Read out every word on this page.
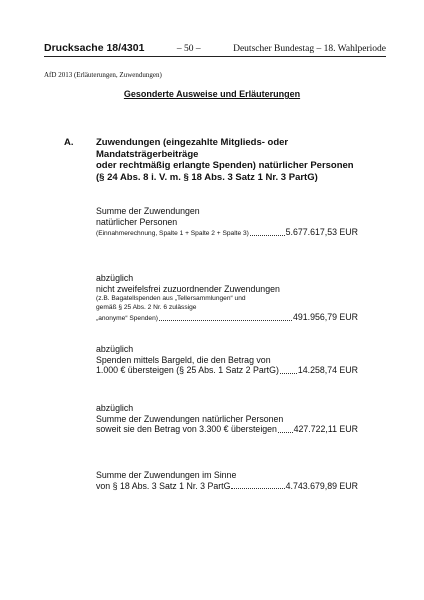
Drucksache 18/4301	– 50 –	Deutscher Bundestag – 18. Wahlperiode
AfD 2013 (Erläuterungen, Zuwendungen)
Gesonderte Ausweise und Erläuterungen
A. Zuwendungen (eingezahlte Mitglieds- oder Mandatsträgerbeiträge
oder rechtmäßig erlangte Spenden) natürlicher Personen
(§ 24 Abs. 8 i. V. m. § 18 Abs. 3 Satz 1 Nr. 3 PartG)
Summe der Zuwendungen
natürlicher Personen
(Einnahmerechnung, Spalte 1 + Spalte 2 + Spalte 3)	5.677.617,53 EUR
abzüglich
nicht zweifelsfrei zuzuordnender Zuwendungen
(z.B. Bagatellspenden aus „Tellersammlungen“ und
gemäß § 25 Abs. 2 Nr. 6 zulässige
„anonyme“ Spenden)	491.956,79 EUR
abzüglich
Spenden mittels Bargeld, die den Betrag von
1.000 € übersteigen (§ 25 Abs. 1 Satz 2 PartG) 14.258,74 EUR
abzüglich
Summe der Zuwendungen natürlicher Personen
soweit sie den Betrag von 3.300 € übersteigen 427.722,11 EUR
Summe der Zuwendungen im Sinne
von § 18 Abs. 3 Satz 1 Nr. 3 PartG	4.743.679,89 EUR
